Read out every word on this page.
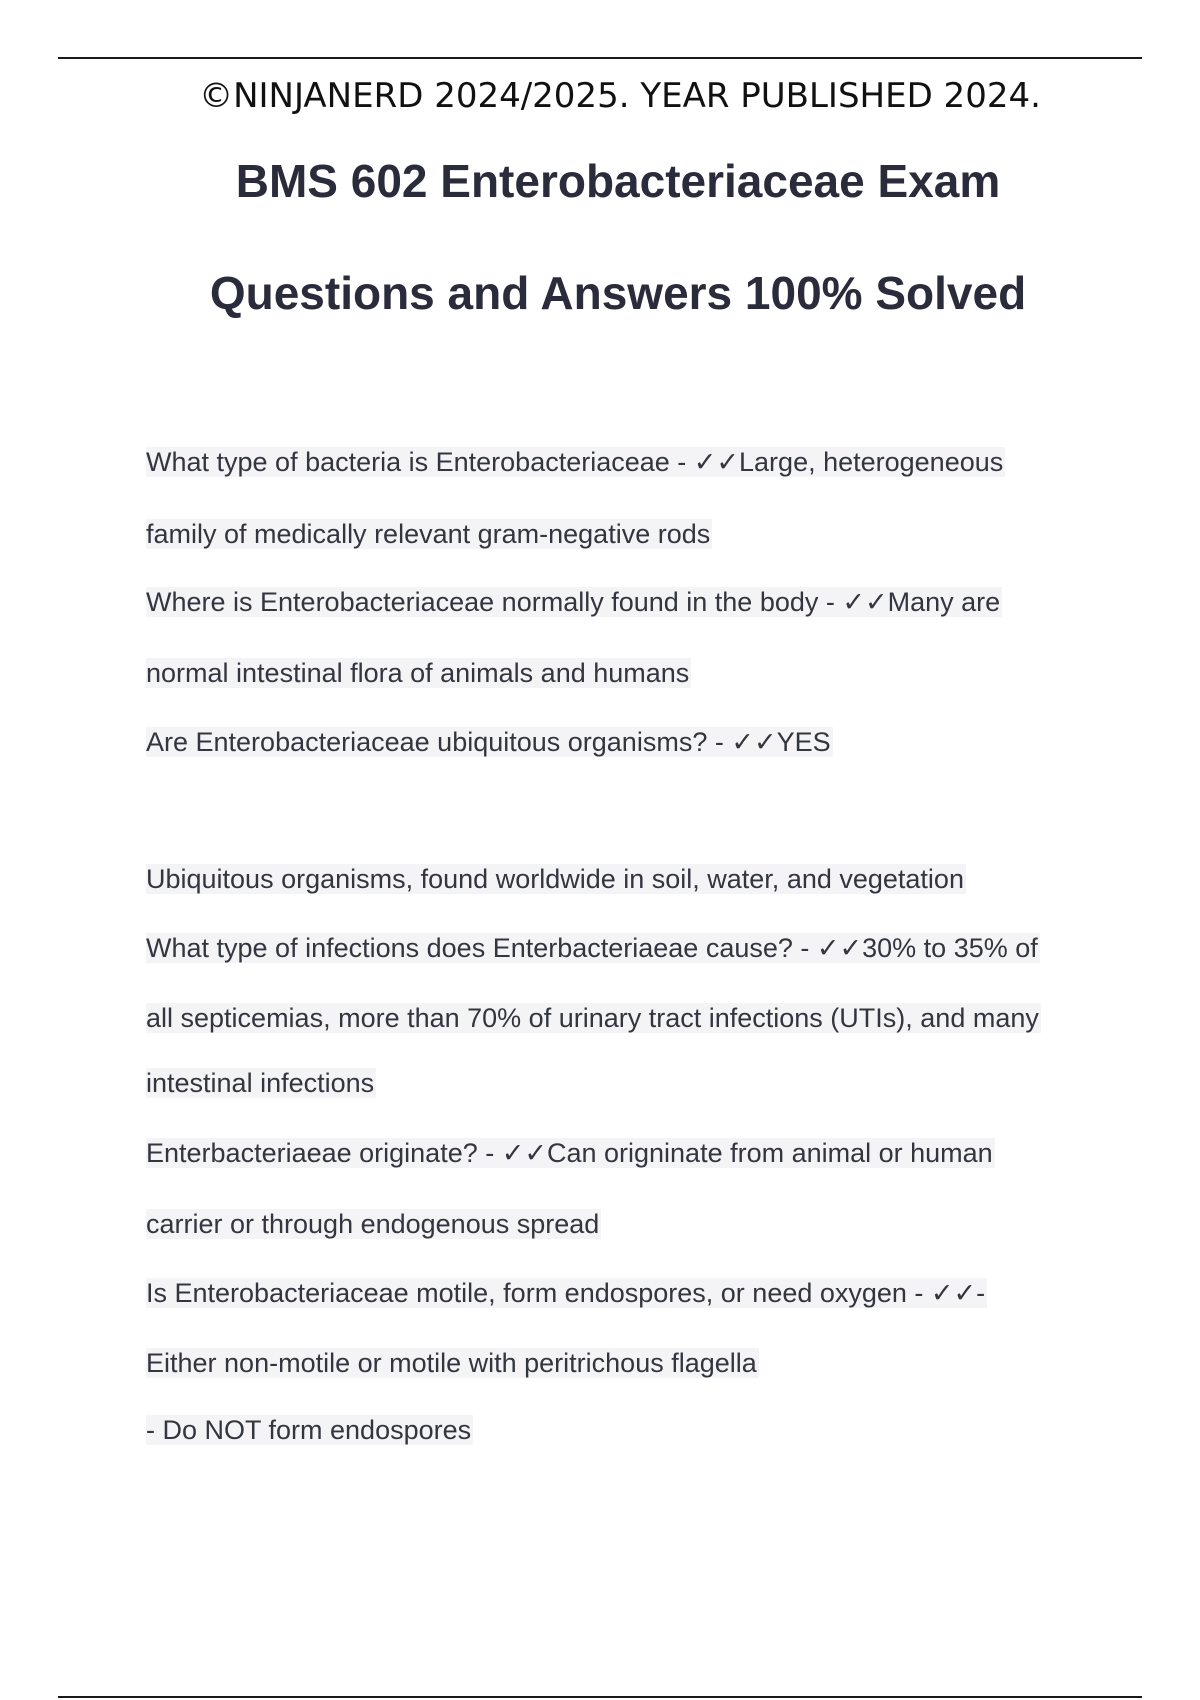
©NINJANERD 2024/2025. YEAR PUBLISHED 2024.
BMS 602 Enterobacteriaceae Exam
Questions and Answers 100% Solved
What type of bacteria is Enterobacteriaceae - ✓✓Large, heterogeneous
family of medically relevant gram-negative rods
Where is Enterobacteriaceae normally found in the body - ✓✓Many are
normal intestinal flora of animals and humans
Are Enterobacteriaceae ubiquitous organisms? - ✓✓YES
Ubiquitous organisms, found worldwide in soil, water, and vegetation
What type of infections does Enterbacteriaeae cause? - ✓✓30% to 35% of
all septicemias, more than 70% of urinary tract infections (UTIs), and many
intestinal infections
Enterbacteriaeae originate? - ✓✓Can origninate from animal or human
carrier or through endogenous spread
Is Enterobacteriaceae motile, form endospores, or need oxygen - ✓✓-
Either non-motile or motile with peritrichous flagella
- Do NOT form endospores
